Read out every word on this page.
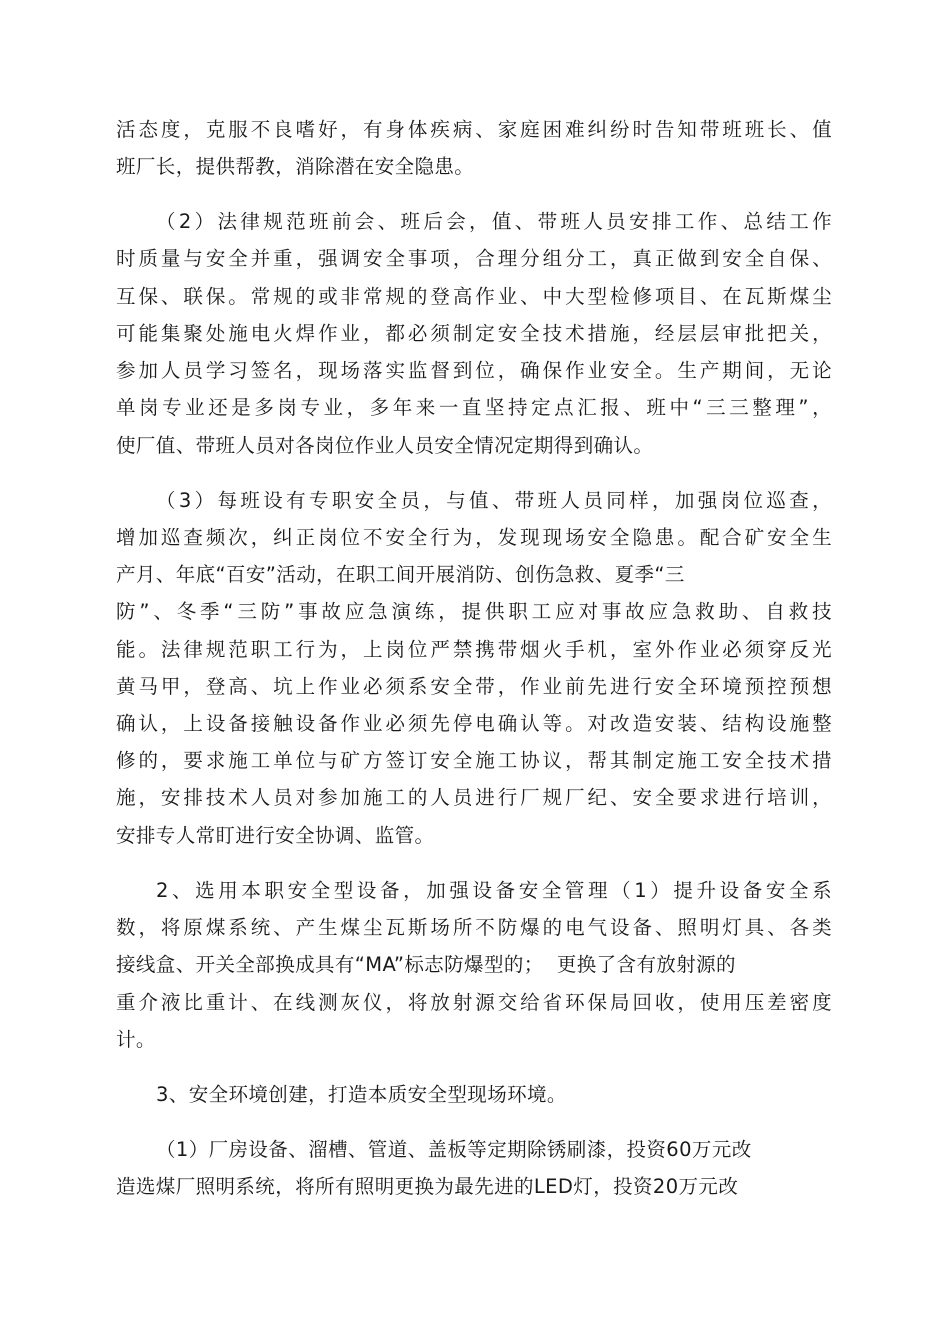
活态度，克服不良嗜好，有身体疾病、家庭困难纠纷时告知带班班长、值
班厂长，提供帮教，消除潜在安全隐患。
（2）法律规范班前会、班后会，值、带班人员安排工作、总结工作
时质量与安全并重，强调安全事项，合理分组分工，真正做到安全自保、
互保、联保。常规的或非常规的登高作业、中大型检修项目、在瓦斯煤尘
可能集聚处施电火焊作业，都必须制定安全技术措施，经层层审批把关，
参加人员学习签名，现场落实监督到位，确保作业安全。生产期间，无论
单岗专业还是多岗专业，多年来一直坚持定点汇报、班中“三三整理”，
使厂值、带班人员对各岗位作业人员安全情况定期得到确认。
（3）每班设有专职安全员，与值、带班人员同样，加强岗位巡查，
增加巡查频次，纠正岗位不安全行为，发现现场安全隐患。配合矿安全生
产月、年底“百安”活动，在职工间开展消防、创伤急救、夏季“三
防”、冬季“三防”事故应急演练，提供职工应对事故应急救助、自救技
能。法律规范职工行为，上岗位严禁携带烟火手机，室外作业必须穿反光
黄马甲，登高、坑上作业必须系安全带，作业前先进行安全环境预控预想
确认，上设备接触设备作业必须先停电确认等。对改造安装、结构设施整
修的，要求施工单位与矿方签订安全施工协议，帮其制定施工安全技术措
施，安排技术人员对参加施工的人员进行厂规厂纪、安全要求进行培训，
安排专人常盯进行安全协调、监管。
2、选用本职安全型设备，加强设备安全管理（1）提升设备安全系
数，将原煤系统、产生煤尘瓦斯场所不防爆的电气设备、照明灯具、各类
接线盒、开关全部换成具有“MA”标志防爆型的；  更换了含有放射源的
重介液比重计、在线测灰仪，将放射源交给省环保局回收，使用压差密度
计。
3、安全环境创建，打造本质安全型现场环境。
（1）厂房设备、溜槽、管道、盖板等定期除锈刷漆，投资60万元改
造选煤厂照明系统，将所有照明更换为最先进的LED灯，投资20万元改
